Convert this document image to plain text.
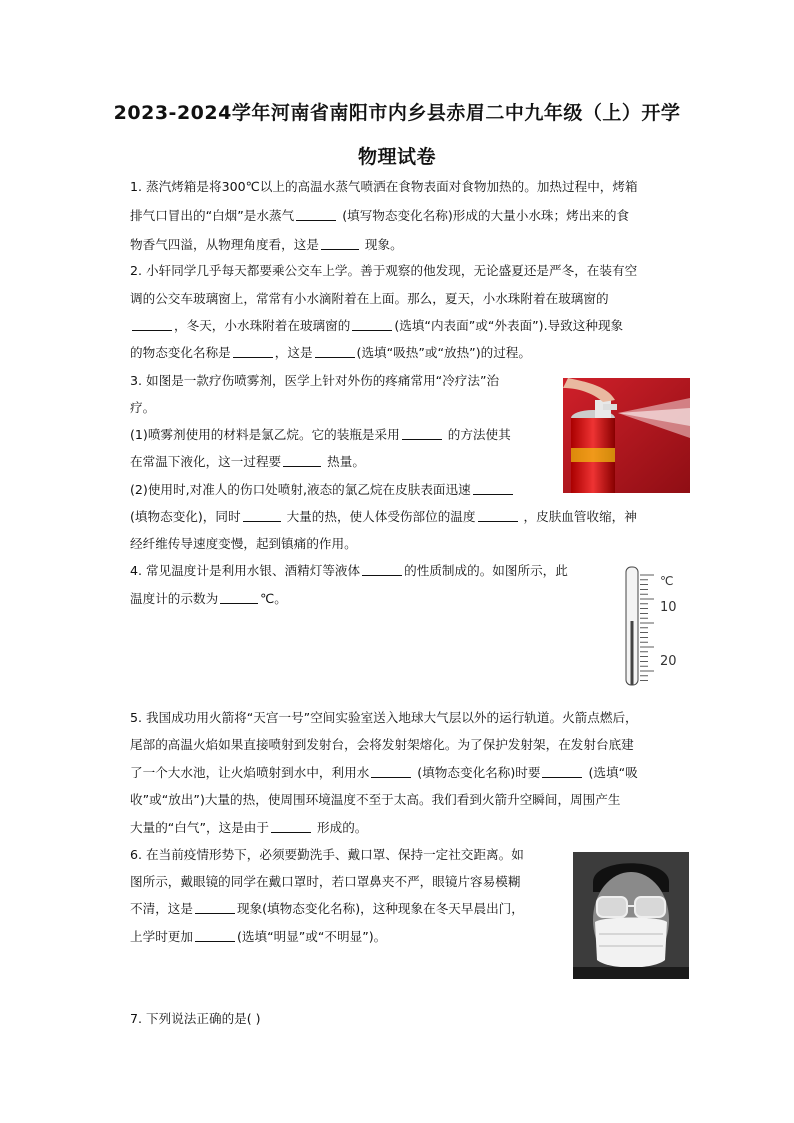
2023-2024学年河南省南阳市内乡县赤眉二中九年级（上）开学
物理试卷
1. 蒸汽烤箱是将300℃以上的高温水蒸气喷洒在食物表面对食物加热的。加热过程中，烤箱
排气口冒出的“白烟”是水蒸气	(填写物态变化名称)形成的大量小水珠；烤出来的食
物香气四溢，从物理角度看，这是	现象。
2. 小轩同学几乎每天都要乘公交车上学。善于观察的他发现，无论盛夏还是严冬，在装有空
调的公交车玻璃窗上，常常有小水滴附着在上面。那么，夏天，小水珠附着在玻璃窗的
，冬天，小水珠附着在玻璃窗的	(选填“内表面”或“外表面”).导致这种现象
的物态变化名称是	，这是	(选填“吸热”或“放热”)的过程。
3. 如图是一款疗伤喷雾剂，医学上针对外伤的疼痛常用“冷疗法”治
疗。
(1)喷雾剂使用的材料是氯乙烷。它的装瓶是采用	的方法使其
在常温下液化，这一过程要	热量。
(2)使用时,对准人的伤口处喷射,液态的氯乙烷在皮肤表面迅速
(填物态变化)，同时	大量的热，使人体受伤部位的温度	，皮肤血管收缩，神
经纤维传导速度变慢，起到镇痛的作用。
4. 常见温度计是利用水银、酒精灯等液体	的性质制成的。如图所示，此
温度计的示数为	℃。
℃
10
20
5. 我国成功用火箭将“天宫一号”空间实验室送入地球大气层以外的运行轨道。火箭点燃后，
尾部的高温火焰如果直接喷射到发射台，会将发射架熔化。为了保护发射架，在发射台底建
了一个大水池，让火焰喷射到水中，利用水	(填物态变化名称)时要	(选填“吸
收”或“放出”)大量的热，使周围环境温度不至于太高。我们看到火箭升空瞬间，周围产生
大量的“白气”，这是由于	形成的。
6. 在当前疫情形势下，必须要勤洗手、戴口罩、保持一定社交距离。如
图所示，戴眼镜的同学在戴口罩时，若口罩鼻夹不严，眼镜片容易模糊
不清，这是	现象(填物态变化名称)，这种现象在冬天早晨出门，
上学时更加	(选填“明显”或“不明显”)。
7. 下列说法正确的是( )
